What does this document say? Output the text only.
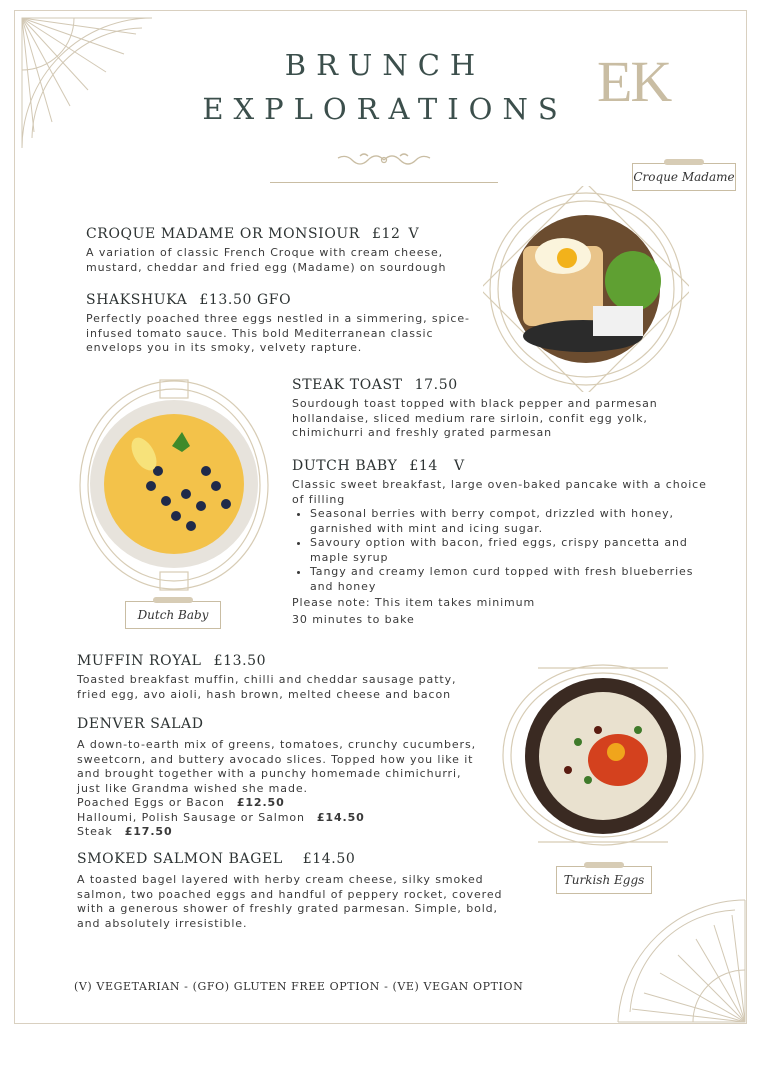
BRUNCH
EXPLORATIONS EK
Croque Madame
Dutch Baby
Turkish Eggs
CROQUE MADAME OR MONSIOUR £12 V

A variation of classic French Croque with cream cheese, mustard, cheddar and fried egg (Madame) on sourdough

SHAKSHUKA £13.50 GFO

Perfectly poached three eggs nestled in a simmering, spice-infused tomato sauce. This bold Mediterranean classic envelops you in its smoky, velvety rapture.

STEAK TOAST 17.50

Sourdough toast topped with black pepper and parmesan hollandaise, sliced medium rare sirloin, confit egg yolk, chimichurri and freshly grated parmesan

DUTCH BABY £14 V

Classic sweet breakfast, large oven-baked pancake with a choice of filling

• Seasonal berries with berry compot, drizzled with honey, garnished with mint and icing sugar.
• Savoury option with bacon, fried eggs, crispy pancetta and maple syrup
• Tangy and creamy lemon curd topped with fresh blueberries and honey

Please note: This item takes minimum

30 minutes to bake

MUFFIN ROYAL £13.50

Toasted breakfast muffin, chilli and cheddar sausage patty, fried egg, avo aioli, hash brown, melted cheese and bacon

DENVER SALAD

A down-to-earth mix of greens, tomatoes, crunchy cucumbers, sweetcorn, and buttery avocado slices. Topped how you like it and brought together with a punchy homemade chimichurri, just like Grandma wished she made.

Poached Eggs or Bacon £12.50

Halloumi, Polish Sausage or Salmon £14.50

Steak £17.50

SMOKED SALMON BAGEL £14.50

A toasted bagel layered with herby cream cheese, silky smoked salmon, two poached eggs and handful of peppery rocket, covered with a generous shower of freshly grated parmesan. Simple, bold, and absolutely irresistible.

(V) VEGETARIAN - (GFO) GLUTEN FREE OPTION - (VE) VEGAN OPTION
